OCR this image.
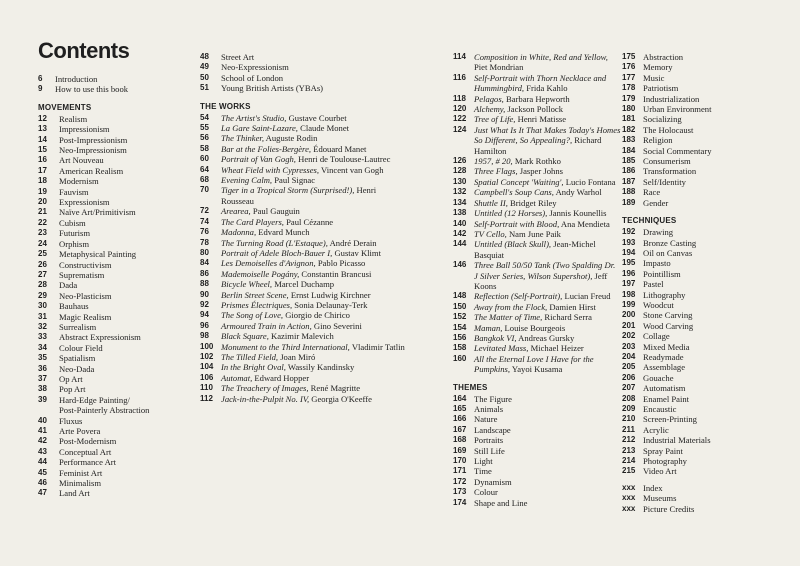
Contents
6	Introduction
9	How to use this book
MOVEMENTS
12	Realism
13	Impressionism
14	Post-Impressionism
15	Neo-Impressionism
16	Art Nouveau
17	American Realism
18	Modernism
19	Fauvism
20	Expressionism
21	Naïve Art/Primitivism
22	Cubism
23	Futurism
24	Orphism
25	Metaphysical Painting
26	Constructivism
27	Suprematism
28	Dada
29	Neo-Plasticism
30	Bauhaus
31	Magic Realism
32	Surrealism
33	Abstract Expressionism
34	Colour Field
35	Spatialism
36	Neo-Dada
37	Op Art
38	Pop Art
39	Hard-Edge Painting/
Post-Painterly Abstraction
40	Fluxus
41	Arte Povera
42	Post-Modernism
43	Conceptual Art
44	Performance Art
45	Feminist Art
46	Minimalism
47	Land Art
48	Street Art
49	Neo-Expressionism
50	School of London
51	Young British Artists (YBAs)
THE WORKS
54	The Artist's Studio, Gustave Courbet
55	La Gare Saint-Lazare, Claude Monet
56	The Thinker, Auguste Rodin
58	Bar at the Folies-Bergère, Édouard Manet
60	Portrait of Van Gogh, Henri de Toulouse-Lautrec
64	Wheat Field with Cypresses, Vincent van Gogh
68	Evening Calm, Paul Signac
70	Tiger in a Tropical Storm (Surprised!), Henri Rousseau
72	Arearea, Paul Gauguin
74	The Card Players, Paul Cézanne
76	Madonna, Edvard Munch
78	The Turning Road (L'Estaque), André Derain
80	Portrait of Adele Bloch-Bauer I, Gustav Klimt
84	Les Demoiselles d'Avignon, Pablo Picasso
86	Mademoiselle Pogány, Constantin Brancusi
88	Bicycle Wheel, Marcel Duchamp
90	Berlin Street Scene, Ernst Ludwig Kirchner
92	Prismes Électriques, Sonia Delaunay-Terk
94	The Song of Love, Giorgio de Chirico
96	Armoured Train in Action, Gino Severini
98	Black Square, Kazimir Malevich
100 Monument to the Third International, Vladimir Tatlin
102 The Tilled Field, Joan Miró
104 In the Bright Oval, Wassily Kandinsky
106 Automat, Edward Hopper
110 The Treachery of Images, René Magritte
112 Jack-in-the-Pulpit No. IV, Georgia O'Keeffe
114 Composition in White, Red and Yellow, Piet Mondrian
116 Self-Portrait with Thorn Necklace and Hummingbird, Frida Kahlo
118 Pelagos, Barbara Hepworth
120 Alchemy, Jackson Pollock
122 Tree of Life, Henri Matisse
124 Just What Is It That Makes Today's Homes So Different, So Appealing?, Richard Hamilton
126 1957, # 20, Mark Rothko
128 Three Flags, Jasper Johns
130 Spatial Concept 'Waiting', Lucio Fontana
132 Campbell's Soup Cans, Andy Warhol
134 Shuttle II, Bridget Riley
138 Untitled (12 Horses), Jannis Kounellis
140 Self-Portrait with Blood, Ana Mendieta
142 TV Cello, Nam June Paik
144 Untitled (Black Skull), Jean-Michel Basquiat
146 Three Ball 50/50 Tank (Two Spalding Dr. J Silver Series, Wilson Supershot), Jeff Koons
148 Reflection (Self-Portrait), Lucian Freud
150 Away from the Flock, Damien Hirst
152 The Matter of Time, Richard Serra
154 Maman, Louise Bourgeois
156 Bangkok VI, Andreas Gursky
158 Levitated Mass, Michael Heizer
160 All the Eternal Love I Have for the Pumpkins, Yayoi Kusama
THEMES
164 The Figure
165 Animals
166 Nature
167 Landscape
168 Portraits
169 Still Life
170 Light
171 Time
172 Dynamism
173 Colour
174 Shape and Line
175 Abstraction
176 Memory
177 Music
178 Patriotism
179 Industrialization
180 Urban Environment
181 Socializing
182 The Holocaust
183 Religion
184 Social Commentary
185 Consumerism
186 Transformation
187 Self/Identity
188 Race
189 Gender
TECHNIQUES
192 Drawing
193 Bronze Casting
194 Oil on Canvas
195 Impasto
196 Pointillism
197 Pastel
198 Lithography
199 Woodcut
200 Stone Carving
201 Wood Carving
202 Collage
203 Mixed Media
204 Readymade
205 Assemblage
206 Gouache
207 Automatism
208 Enamel Paint
209 Encaustic
210 Screen-Printing
211 Acrylic
212 Industrial Materials
213 Spray Paint
214 Photography
215 Video Art
xxx Index
xxx Museums
xxx Picture Credits
